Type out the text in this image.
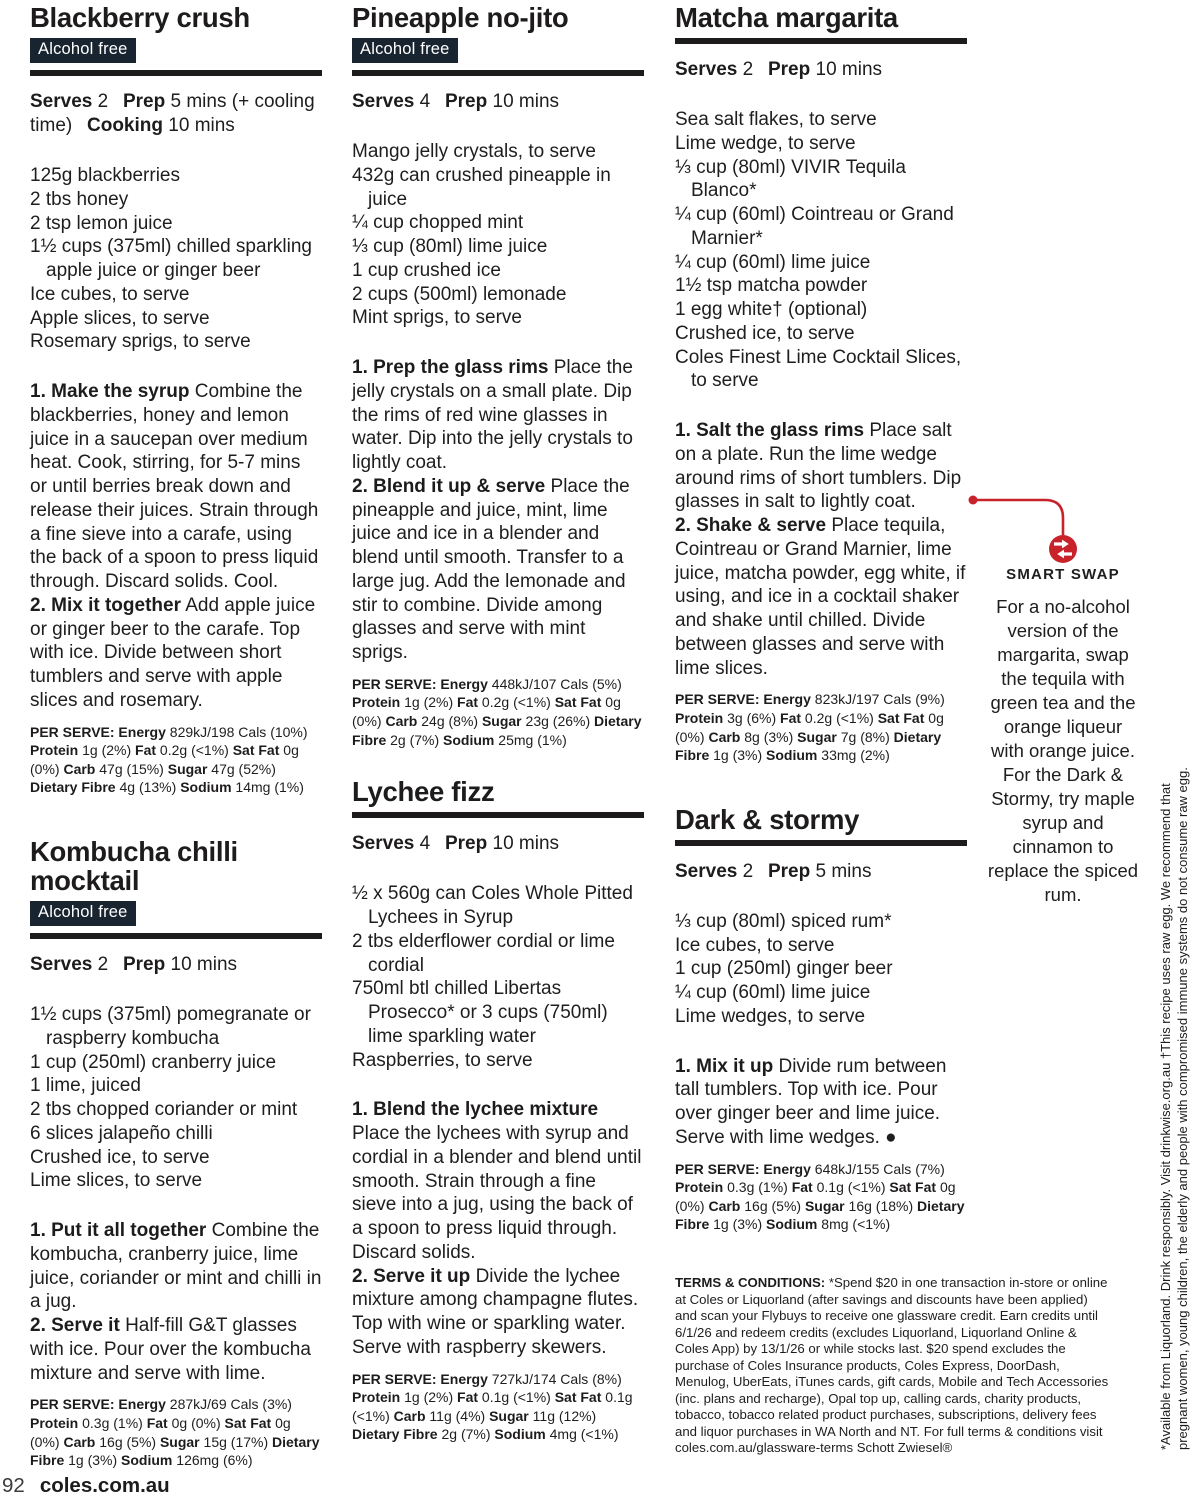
Blackberry crush
Alcohol free

Serves 2  Prep 5 mins (+ cooling time)  Cooking 10 mins

125g blackberries
2 tbs honey
2 tsp lemon juice
1½ cups (375ml) chilled sparkling apple juice or ginger beer
Ice cubes, to serve
Apple slices, to serve
Rosemary sprigs, to serve

1. Make the syrup Combine the blackberries, honey and lemon juice in a saucepan over medium heat. Cook, stirring, for 5-7 mins or until berries break down and release their juices. Strain through a fine sieve into a carafe, using the back of a spoon to press liquid through. Discard solids. Cool.

2. Mix it together Add apple juice or ginger beer to the carafe. Top with ice. Divide between short tumblers and serve with apple slices and rosemary.

PER SERVE: Energy 829kJ/198 Cals (10%) Protein 1g (2%) Fat 0.2g (<1%) Sat Fat 0g (0%) Carb 47g (15%) Sugar 47g (52%) Dietary Fibre 4g (13%) Sodium 14mg (1%)

Kombucha chilli mocktail
Alcohol free

Serves 2  Prep 10 mins

1½ cups (375ml) pomegranate or raspberry kombucha
1 cup (250ml) cranberry juice
1 lime, juiced
2 tbs chopped coriander or mint
6 slices jalapeño chilli
Crushed ice, to serve
Lime slices, to serve

1. Put it all together Combine the kombucha, cranberry juice, lime juice, coriander or mint and chilli in a jug.

2. Serve it Half-fill G&T glasses with ice. Pour over the kombucha mixture and serve with lime.

PER SERVE: Energy 287kJ/69 Cals (3%) Protein 0.3g (1%) Fat 0g (0%) Sat Fat 0g (0%) Carb 16g (5%) Sugar 15g (17%) Dietary Fibre 1g (3%) Sodium 126mg (6%)

Pineapple no-jito
Alcohol free

Serves 4  Prep 10 mins

Mango jelly crystals, to serve
432g can crushed pineapple in juice
¼ cup chopped mint
⅓ cup (80ml) lime juice
1 cup crushed ice
2 cups (500ml) lemonade
Mint sprigs, to serve

1. Prep the glass rims Place the jelly crystals on a small plate. Dip the rims of red wine glasses in water. Dip into the jelly crystals to lightly coat.

2. Blend it up & serve Place the pineapple and juice, mint, lime juice and ice in a blender and blend until smooth. Transfer to a large jug. Add the lemonade and stir to combine. Divide among glasses and serve with mint sprigs.

PER SERVE: Energy 448kJ/107 Cals (5%) Protein 1g (2%) Fat 0.2g (<1%) Sat Fat 0g (0%) Carb 24g (8%) Sugar 23g (26%) Dietary Fibre 2g (7%) Sodium 25mg (1%)

Lychee fizz

Serves 4  Prep 10 mins

½ x 560g can Coles Whole Pitted Lychees in Syrup
2 tbs elderflower cordial or lime cordial
750ml btl chilled Libertas Prosecco* or 3 cups (750ml) lime sparkling water
Raspberries, to serve

1. Blend the lychee mixture Place the lychees with syrup and cordial in a blender and blend until smooth. Strain through a fine sieve into a jug, using the back of a spoon to press liquid through. Discard solids.

2. Serve it up Divide the lychee mixture among champagne flutes. Top with wine or sparkling water. Serve with raspberry skewers.

PER SERVE: Energy 727kJ/174 Cals (8%) Protein 1g (2%) Fat 0.1g (<1%) Sat Fat 0.1g (<1%) Carb 11g (4%) Sugar 11g (12%) Dietary Fibre 2g (7%) Sodium 4mg (<1%)

Matcha margarita

Serves 2  Prep 10 mins

Sea salt flakes, to serve
Lime wedge, to serve
⅓ cup (80ml) VIVIR Tequila Blanco*
¼ cup (60ml) Cointreau or Grand Marnier*
¼ cup (60ml) lime juice
1½ tsp matcha powder
1 egg white† (optional)
Crushed ice, to serve
Coles Finest Lime Cocktail Slices, to serve

1. Salt the glass rims Place salt on a plate. Run the lime wedge around rims of short tumblers. Dip glasses in salt to lightly coat.

2. Shake & serve Place tequila, Cointreau or Grand Marnier, lime juice, matcha powder, egg white, if using, and ice in a cocktail shaker and shake until chilled. Divide between glasses and serve with lime slices.

PER SERVE: Energy 823kJ/197 Cals (9%) Protein 3g (6%) Fat 0.2g (<1%) Sat Fat 0g (0%) Carb 8g (3%) Sugar 7g (8%) Dietary Fibre 1g (3%) Sodium 33mg (2%)

Dark & stormy

Serves 2  Prep 5 mins

⅓ cup (80ml) spiced rum*
Ice cubes, to serve
1 cup (250ml) ginger beer
¼ cup (60ml) lime juice
Lime wedges, to serve

1. Mix it up Divide rum between tall tumblers. Top with ice. Pour over ginger beer and lime juice. Serve with lime wedges. ●

PER SERVE: Energy 648kJ/155 Cals (7%) Protein 0.3g (1%) Fat 0.1g (<1%) Sat Fat 0g (0%) Carb 16g (5%) Sugar 16g (18%) Dietary Fibre 1g (3%) Sodium 8mg (<1%)

SMART SWAP

For a no-alcohol version of the margarita, swap the tequila with green tea and the orange liqueur with orange juice. For the Dark & Stormy, try maple syrup and cinnamon to replace the spiced rum.

TERMS & CONDITIONS: *Spend $20 in one transaction in-store or online at Coles or Liquorland (after savings and discounts have been applied) and scan your Flybuys to receive one glassware credit. Earn credits until 6/1/26 and redeem credits (excludes Liquorland, Liquorland Online & Coles App) by 13/1/26 or while stocks last. $20 spend excludes the purchase of Coles Insurance products, Coles Express, DoorDash, Menulog, UberEats, iTunes cards, gift cards, Mobile and Tech Accessories (inc. plans and recharge), Opal top up, calling cards, charity products, tobacco, tobacco related product purchases, subscriptions, delivery fees and liquor purchases in WA North and NT. For full terms & conditions visit coles.com.au/glassware-terms Schott Zwiesel®	*Available from Liquorland. Drink responsibly. Visit drinkwise.org.au †This recipe uses raw egg. We recommend that pregnant women, young children, the elderly and people with compromised immune systems do not consume raw egg.
92 coles.com.au
